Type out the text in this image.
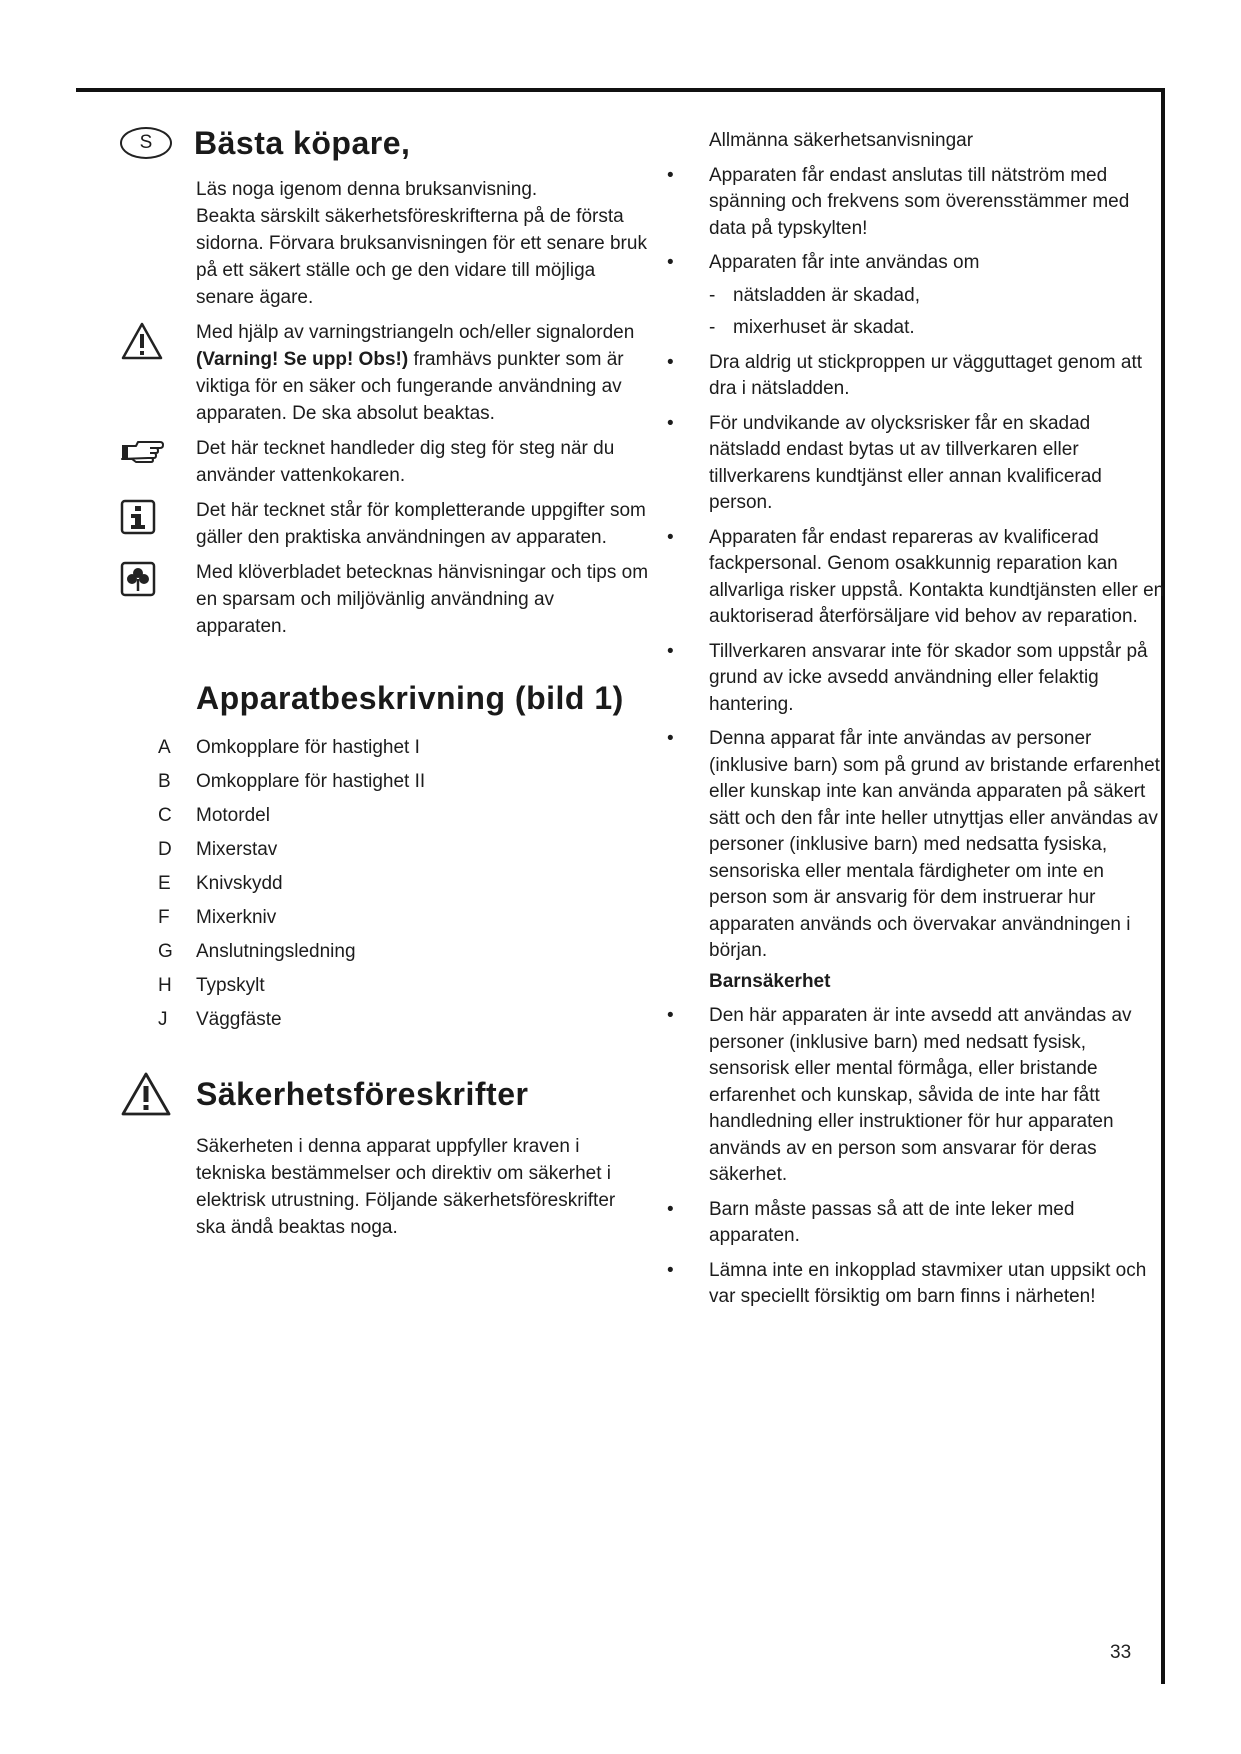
S	Bästa köpare,
Läs noga igenom denna bruksanvisning.
Beakta särskilt säkerhetsföreskrifterna på de första sidorna. Förvara bruksanvisningen för ett senare bruk på ett säkert ställe och ge den vidare till möjliga senare ägare.
Med hjälp av varningstriangeln och/eller signalorden (Varning! Se upp! Obs!) framhävs punkter som är viktiga för en säker och fungerande användning av apparaten. De ska absolut beaktas.
Det här tecknet handleder dig steg för steg när du använder vattenkokaren.
Det här tecknet står för kompletterande uppgifter som gäller den praktiska användningen av apparaten.
Med klöverbladet betecknas hänvisningar och tips om en sparsam och miljövänlig användning av apparaten.
Apparatbeskrivning (bild 1)
A	Omkopplare för hastighet I
B	Omkopplare för hastighet II
C	Motordel
D	Mixerstav
E	Knivskydd
F	Mixerkniv
G	Anslutningsledning
H	Typskylt
J	Väggfäste
Säkerhetsföreskrifter
Säkerheten i denna apparat uppfyller kraven i tekniska bestämmelser och direktiv om säkerhet i elektrisk utrustning. Följande säkerhetsföreskrifter ska ändå beaktas noga.
Allmänna säkerhetsanvisningar
•	Apparaten får endast anslutas till nätström med spänning och frekvens som överensstämmer med data på typskylten!
•	Apparaten får inte användas om
- nätsladden är skadad,
- mixerhuset är skadat.
•	Dra aldrig ut stickproppen ur vägguttaget genom att dra i nätsladden.
•	För undvikande av olycksrisker får en skadad nätsladd endast bytas ut av tillverkaren eller tillverkarens kundtjänst eller annan kvalificerad person.
•	Apparaten får endast repareras av kvalificerad fackpersonal. Genom osakkunnig reparation kan allvarliga risker uppstå. Kontakta kundtjänsten eller en auktoriserad återförsäljare vid behov av reparation.
•	Tillverkaren ansvarar inte för skador som uppstår på grund av icke avsedd användning eller felaktig hantering.
•	Denna apparat får inte användas av personer (inklusive barn) som på grund av bristande erfarenhet eller kunskap inte kan använda apparaten på säkert sätt och den får inte heller utnyttjas eller användas av personer (inklusive barn) med nedsatta fysiska, sensoriska eller mentala färdigheter om inte en person som är ansvarig för dem instruerar hur apparaten används och övervakar användningen i början.
Barnsäkerhet
•	Den här apparaten är inte avsedd att användas av personer (inklusive barn) med nedsatt fysisk, sensorisk eller mental förmåga, eller bristande erfarenhet och kunskap, såvida de inte har fått handledning eller instruktioner för hur apparaten används av en person som ansvarar för deras säkerhet.
•	Barn måste passas så att de inte leker med apparaten.
•	Lämna inte en inkopplad stavmixer utan uppsikt och var speciellt försiktig om barn finns i närheten!
33
